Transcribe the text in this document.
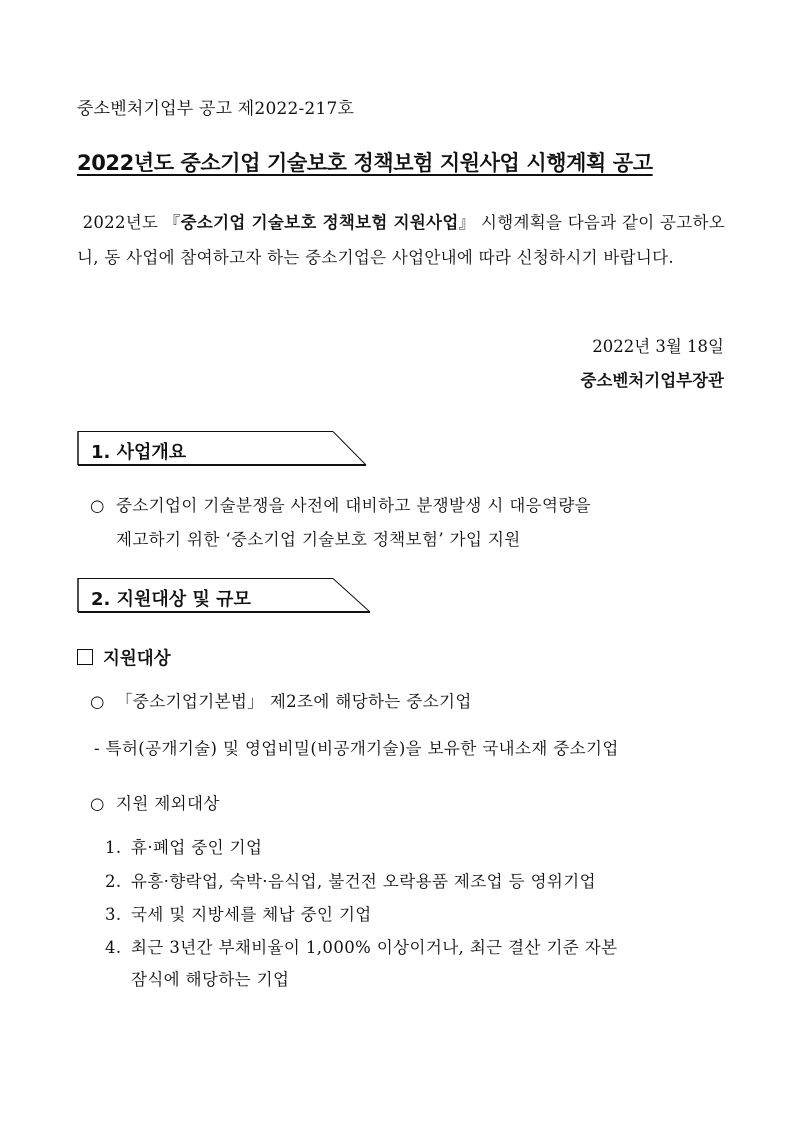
중소벤처기업부 공고 제2022-217호
2022년도 중소기업 기술보호 정책보험 지원사업 시행계획 공고

2022년도 『중소기업 기술보호 정책보험 지원사업』 시행계획을 다음과 같이 공고하오니, 동 사업에 참여하고자 하는 중소기업은 사업안내에 따라 신청하시기 바랍니다.

2022년 3월 18일
중소벤처기업부장관
1. 사업개요
○ 중소기업이 기술분쟁을 사전에 대비하고 분쟁발생 시 대응역량을
제고하기 위한 ‘중소기업 기술보호 정책보험’ 가입 지원
2. 지원대상 및 규모
지원대상
○ 「중소기업기본법」 제2조에 해당하는 중소기업
- 특허(공개기술) 및 영업비밀(비공개기술)을 보유한 국내소재 중소기업
○ 지원 제외대상
1. 휴·폐업 중인 기업
2. 유흥·향락업, 숙박·음식업, 불건전 오락용품 제조업 등 영위기업
3. 국세 및 지방세를 체납 중인 기업
4. 최근 3년간 부채비율이 1,000% 이상이거나, 최근 결산 기준 자본
잠식에 해당하는 기업
